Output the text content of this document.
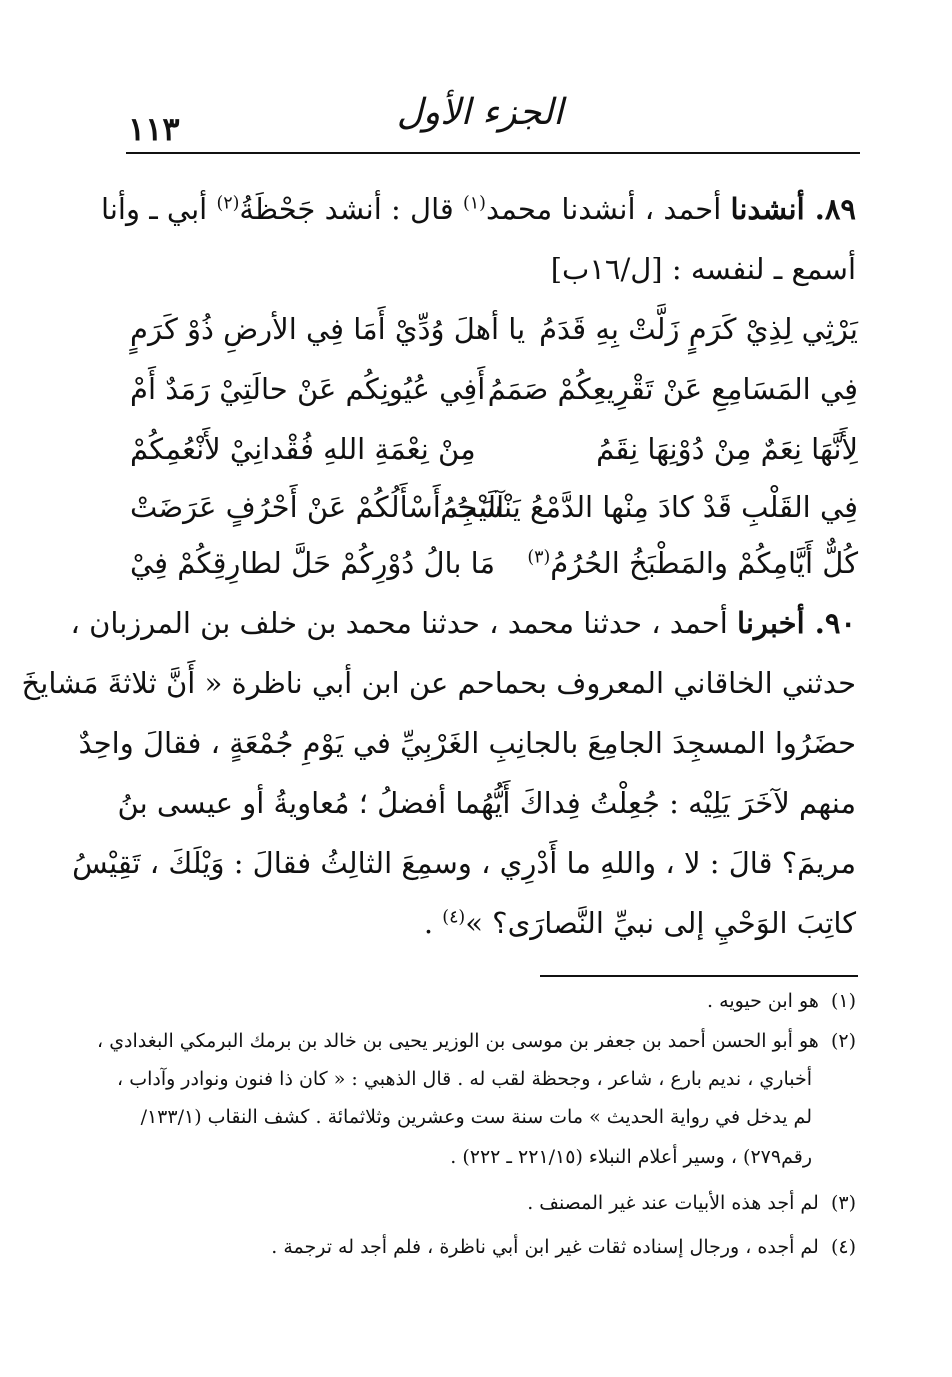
الجزء الأول
١١٣
٨٩. أنشدنا أحمد ، أنشدنا محمد$^{(١)}$ قال : أنشد جَحْظَةُ$^{(٢)}$ أبي ـ وأنا
أسمع ـ لنفسه : [ل/١٦ب]
يَرْثِي لِذِيْ كَرَمٍ زَلَّتْ بِهِ قَدَمُ
يا أهلَ وُدِّيْ أَمَا فِي الأرضِ ذُوْ كَرَمٍ
فِي المَسَامِعِ عَنْ تَقْرِيعِكُمْ صَمَمُ
أَفِي عُيُونِكُم عَنْ حالَتِيْ رَمَدٌ أَمْ
لِأَنَّهَا نِعَمٌ مِنْ دُوْنِهَا نِقَمُ
مِنْ نِعْمَةِ اللهِ فُقْدانِيْ لأَنْعُمِكُمْ
فِي القَلْبِ قَدْ كادَ مِنْها الدَّمْعُ يَنْسَجِمُ
آلَيْتُ أَسْأَلُكُمْ عَنْ أَحْرُفٍ عَرَضَتْ
كُلٌّ أَيَّامِكُمْ والمَطْبَخُ الحُرُمُ$^{(٣)}$
مَا بالُ دُوْرِكُمْ حَلَّ لطارِقِكُمْ فِيْ
٩٠. أخبرنا أحمد ، حدثنا محمد ، حدثنا محمد بن خلف بن المرزبان ،
حدثني الخاقاني المعروف بحماحم عن ابن أبي ناظرة « أَنَّ ثلاثةَ مَشايخَ
حضَرُوا المسجِدَ الجامِعَ بالجانِبِ الغَرْبِيِّ في يَوْمِ جُمْعَةٍ ، فقالَ واحِدٌ
منهم لآخَرَ يَلِيْه : جُعِلْتُ فِداكَ أَيُّهُما أفضلُ ؛ مُعاويةُ أو عيسى بنُ
مريمَ؟ قالَ : لا ، واللهِ ما أَدْرِي ، وسمِعَ الثالِثُ فقالَ : وَيْلَكَ ، تَقِيْسُ
كاتِبَ الوَحْيِ إلى نبيِّ النَّصارَى؟ »$^{(٤)}$ .
(١)  هو ابن حيويه .
(٢)  هو أبو الحسن أحمد بن جعفر بن موسى بن الوزير يحيى بن خالد بن برمك البرمكي البغدادي ،
أخباري ، نديم بارع ، شاعر ، وجحظة لقب له . قال الذهبي : « كان ذا فنون ونوادر وآداب ،
لم يدخل في رواية الحديث » مات سنة ست وعشرين وثلاثمائة . كشف النقاب (١٣٣/١/
رقم٢٧٩) ، وسير أعلام النبلاء (٢٢١/١٥ ـ ٢٢٢) .
(٣)  لم أجد هذه الأبيات عند غير المصنف .
(٤)  لم أجده ، ورجال إسناده ثقات غير ابن أبي ناظرة ، فلم أجد له ترجمة .
